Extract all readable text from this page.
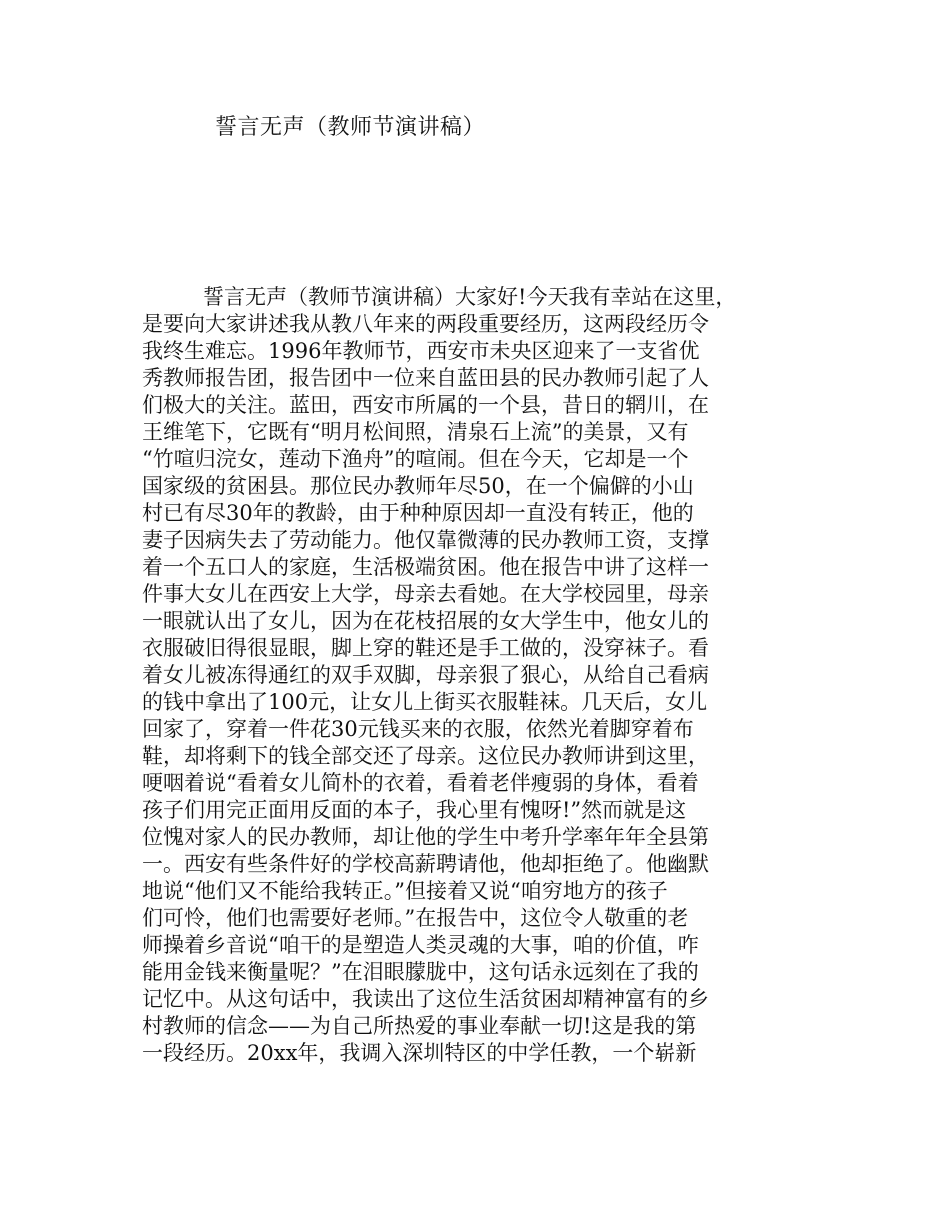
誓言无声（教师节演讲稿）
誓言无声（教师节演讲稿）大家好!今天我有幸站在这里，
是要向大家讲述我从教八年来的两段重要经历，这两段经历令
我终生难忘。1996年教师节，西安市未央区迎来了一支省优
秀教师报告团，报告团中一位来自蓝田县的民办教师引起了人
们极大的关注。蓝田，西安市所属的一个县，昔日的辋川，在
王维笔下，它既有“明月松间照，清泉石上流”的美景，又有
“竹喧归浣女，莲动下渔舟”的喧闹。但在今天，它却是一个
国家级的贫困县。那位民办教师年尽50，在一个偏僻的小山
村已有尽30年的教龄，由于种种原因却一直没有转正，他的
妻子因病失去了劳动能力。他仅靠微薄的民办教师工资，支撑
着一个五口人的家庭，生活极端贫困。他在报告中讲了这样一
件事大女儿在西安上大学，母亲去看她。在大学校园里，母亲
一眼就认出了女儿，因为在花枝招展的女大学生中，他女儿的
衣服破旧得很显眼，脚上穿的鞋还是手工做的，没穿袜子。看
着女儿被冻得通红的双手双脚，母亲狠了狠心，从给自己看病
的钱中拿出了100元，让女儿上街买衣服鞋袜。几天后，女儿
回家了，穿着一件花30元钱买来的衣服，依然光着脚穿着布
鞋，却将剩下的钱全部交还了母亲。这位民办教师讲到这里，
哽咽着说“看着女儿简朴的衣着，看着老伴瘦弱的身体，看着
孩子们用完正面用反面的本子，我心里有愧呀!”然而就是这
位愧对家人的民办教师，却让他的学生中考升学率年年全县第
一。西安有些条件好的学校高薪聘请他，他却拒绝了。他幽默
地说“他们又不能给我转正。”但接着又说“咱穷地方的孩子
们可怜，他们也需要好老师。”在报告中，这位令人敬重的老
师操着乡音说“咱干的是塑造人类灵魂的大事，咱的价值，咋
能用金钱来衡量呢？”在泪眼朦胧中，这句话永远刻在了我的
记忆中。从这句话中，我读出了这位生活贫困却精神富有的乡
村教师的信念——为自己所热爱的事业奉献一切!这是我的第
一段经历。20xx年，我调入深圳特区的中学任教，一个崭新
